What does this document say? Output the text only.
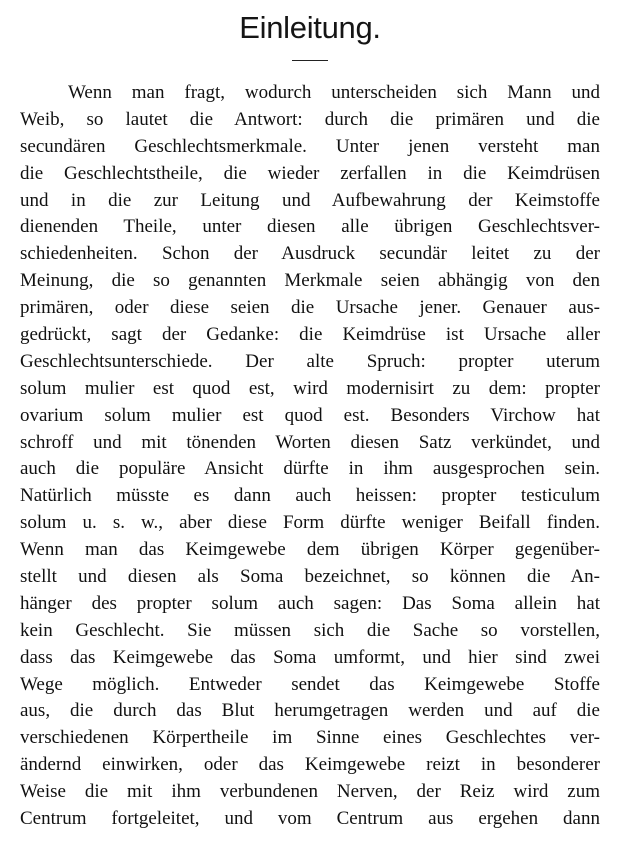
Einleitung.
Wenn man fragt, wodurch unterscheiden sich Mann und
Weib, so lautet die Antwort: durch die primären und die
secundären Geschlechtsmerkmale. Unter jenen versteht man
die Geschlechtstheile, die wieder zerfallen in die Keimdrüsen
und in die zur Leitung und Aufbewahrung der Keimstoffe
dienenden Theile, unter diesen alle übrigen Geschlechtsver-
schiedenheiten. Schon der Ausdruck secundär leitet zu der
Meinung, die so genannten Merkmale seien abhängig von den
primären, oder diese seien die Ursache jener. Genauer aus-
gedrückt, sagt der Gedanke: die Keimdrüse ist Ursache aller
Geschlechtsunterschiede. Der alte Spruch: propter uterum
solum mulier est quod est, wird modernisirt zu dem: propter
ovarium solum mulier est quod est. Besonders Virchow hat
schroff und mit tönenden Worten diesen Satz verkündet, und
auch die populäre Ansicht dürfte in ihm ausgesprochen sein.
Natürlich müsste es dann auch heissen: propter testiculum
solum u. s. w., aber diese Form dürfte weniger Beifall finden.
Wenn man das Keimgewebe dem übrigen Körper gegenüber-
stellt und diesen als Soma bezeichnet, so können die An-
hänger des propter solum auch sagen: Das Soma allein hat
kein Geschlecht. Sie müssen sich die Sache so vorstellen,
dass das Keimgewebe das Soma umformt, und hier sind zwei
Wege möglich. Entweder sendet das Keimgewebe Stoffe
aus, die durch das Blut herumgetragen werden und auf die
verschiedenen Körpertheile im Sinne eines Geschlechtes ver-
ändernd einwirken, oder das Keimgewebe reizt in besonderer
Weise die mit ihm verbundenen Nerven, der Reiz wird zum
Centrum fortgeleitet, und vom Centrum aus ergehen dann
